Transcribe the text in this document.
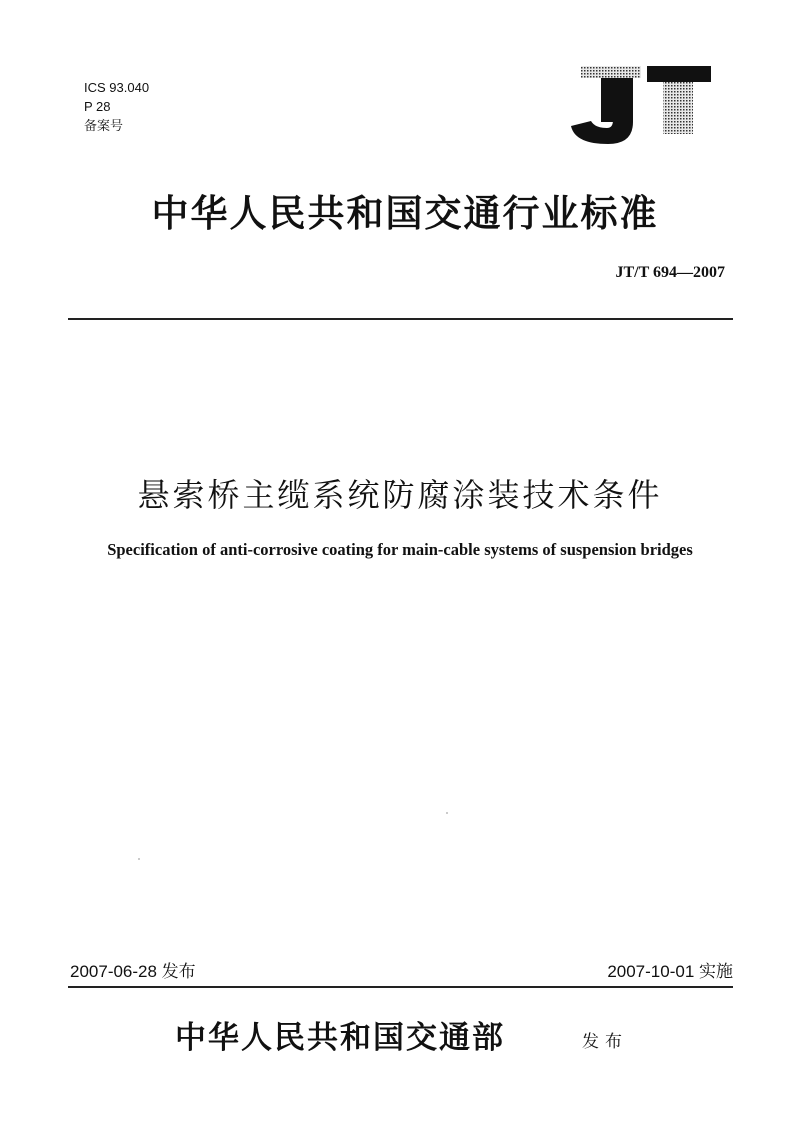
ICS 93.040
P 28
备案号
中华人民共和国交通行业标准
JT/T 694—2007
悬索桥主缆系统防腐涂装技术条件
Specification of anti-corrosive coating for main-cable systems of suspension bridges
2007-06-28 发布	2007-10-01 实施
中华人民共和国交通部	发布
